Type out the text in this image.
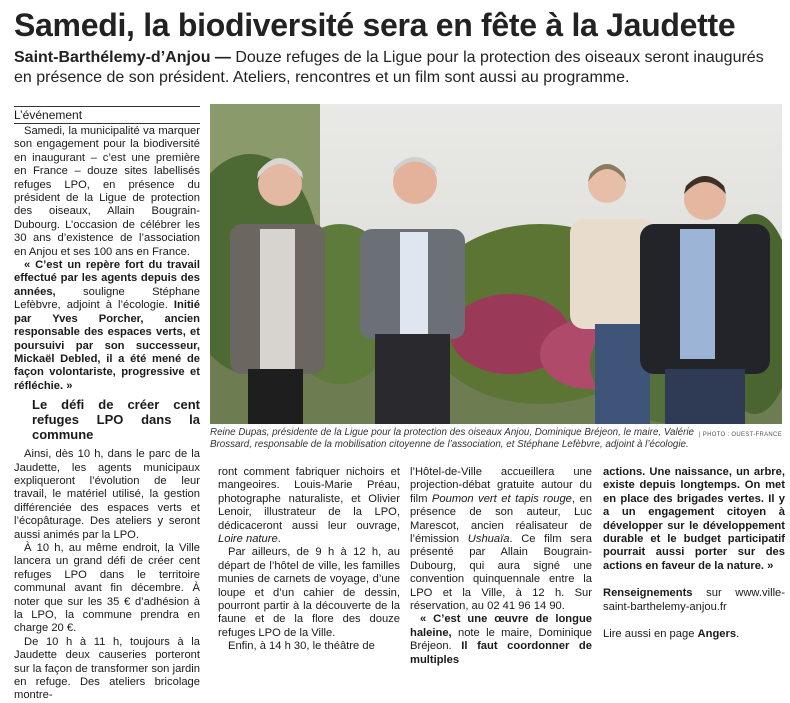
Samedi, la biodiversité sera en fête à la Jaudette
Saint-Barthélemy-d’Anjou — Douze refuges de la Ligue pour la protection des oiseaux seront inaugurés en présence de son président. Ateliers, rencontres et un film sont aussi au programme.
L’événement

Samedi, la municipalité va marquer son engagement pour la biodiversité en inaugurant – c’est une première en France – douze sites labellisés refuges LPO, en présence du président de la Ligue de protection des oiseaux, Allain Bougrain-Dubourg. L’occasion de célébrer les 30 ans d’existence de l’association en Anjou et ses 100 ans en France.

« C’est un repère fort du travail effectué par les agents depuis des années, souligne Stéphane Lefèbvre, adjoint à l’écologie. Initié par Yves Porcher, ancien responsable des espaces verts, et poursuivi par son successeur, Mickaël Debled, il a été mené de façon volontariste, progressive et réfléchie. »

Le défi de créer cent refuges LPO dans la commune

Ainsi, dès 10 h, dans le parc de la Jaudette, les agents municipaux expliqueront l’évolution de leur travail, le matériel utilisé, la gestion différenciée des espaces verts et l’écopâturage. Des ateliers y seront aussi animés par la LPO.

À 10 h, au même endroit, la Ville lancera un grand défi de créer cent refuges LPO dans le territoire communal avant fin décembre. À noter que sur les 35 € d’adhésion à la LPO, la commune prendra en charge 20 €.

De 10 h à 11 h, toujours à la Jaudette deux causeries porteront sur la façon de transformer son jardin en refuge. Des ateliers bricolage montre-

Reine Dupas, présidente de la Ligue pour la protection des oiseaux Anjou, Dominique Bréjeon, le maire, Valérie Brossard, responsable de la mobilisation citoyenne de l’association, et Stéphane Lefèbvre, adjoint à l’écologie.
| PHOTO : OUEST-FRANCE

ront comment fabriquer nichoirs et mangeoires. Louis-Marie Préau, photographe naturaliste, et Olivier Lenoir, illustrateur de la LPO, dédicaceront aussi leur ouvrage, Loire nature.

Par ailleurs, de 9 h à 12 h, au départ de l’hôtel de ville, les familles munies de carnets de voyage, d’une loupe et d’un cahier de dessin, pourront partir à la découverte de la faune et de la flore des douze refuges LPO de la Ville.

Enfin, à 14 h 30, le théâtre de

l’Hôtel-de-Ville accueillera une projection-débat gratuite autour du film Poumon vert et tapis rouge, en présence de son auteur, Luc Marescot, ancien réalisateur de l’émission Ushuaïa. Ce film sera présenté par Allain Bougrain-Dubourg, qui aura signé une convention quinquennale entre la LPO et la Ville, à 12 h. Sur réservation, au 02 41 96 14 90.

« C’est une œuvre de longue haleine, note le maire, Dominique Bréjeon. Il faut coordonner de multiples

actions. Une naissance, un arbre, existe depuis longtemps. On met en place des brigades vertes. Il y a un engagement citoyen à développer sur le développement durable et le budget participatif pourrait aussi porter sur des actions en faveur de la nature. »

Renseignements sur www.ville-saint-barthelemy-anjou.fr

Lire aussi en page Angers.
